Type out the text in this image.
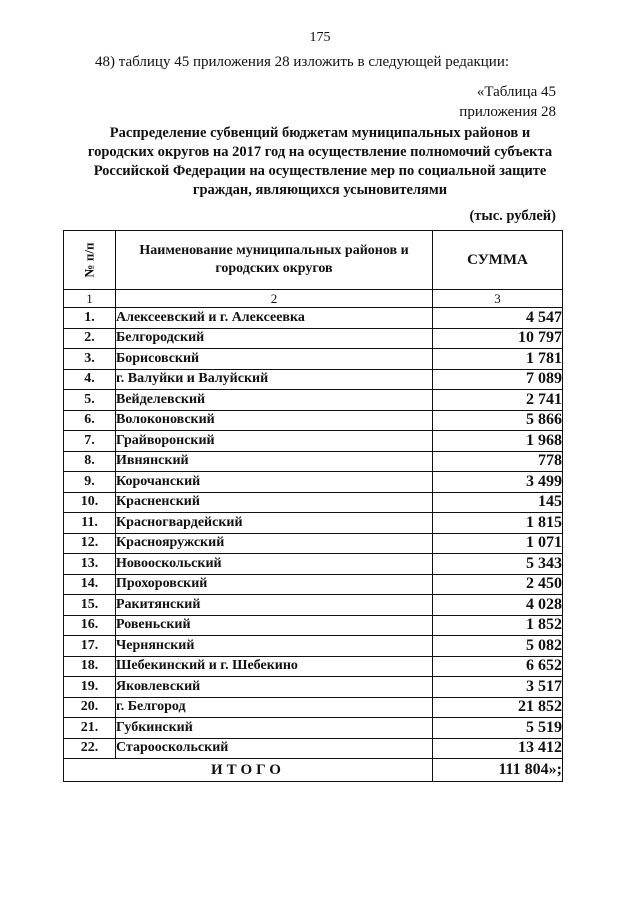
175
48) таблицу 45 приложения 28 изложить в следующей редакции:
«Таблица 45
приложения 28
Распределение субвенций бюджетам муниципальных районов и городских округов на 2017 год на осуществление полномочий субъекта Российской Федерации на осуществление мер по социальной защите граждан, являющихся усыновителями
(тыс. рублей)
№ п/п	Наименование муниципальных районов и городских округов	СУММА
1	2	3
1.	Алексеевский и г. Алексеевка	4 547
2.	Белгородский	10 797
3.	Борисовский	1 781
4.	г. Валуйки и Валуйский	7 089
5.	Вейделевский	2 741
6.	Волоконовский	5 866
7.	Грайворонский	1 968
8.	Ивнянский	778
9.	Корочанский	3 499
10.	Красненский	145
11.	Красногвардейский	1 815
12.	Краснояружский	1 071
13.	Новооскольский	5 343
14.	Прохоровский	2 450
15.	Ракитянский	4 028
16.	Ровеньский	1 852
17.	Чернянский	5 082
18.	Шебекинский и г. Шебекино	6 652
19.	Яковлевский	3 517
20.	г. Белгород	21 852
21.	Губкинский	5 519
22.	Старооскольский	13 412
ИТОГО		111 804»;
